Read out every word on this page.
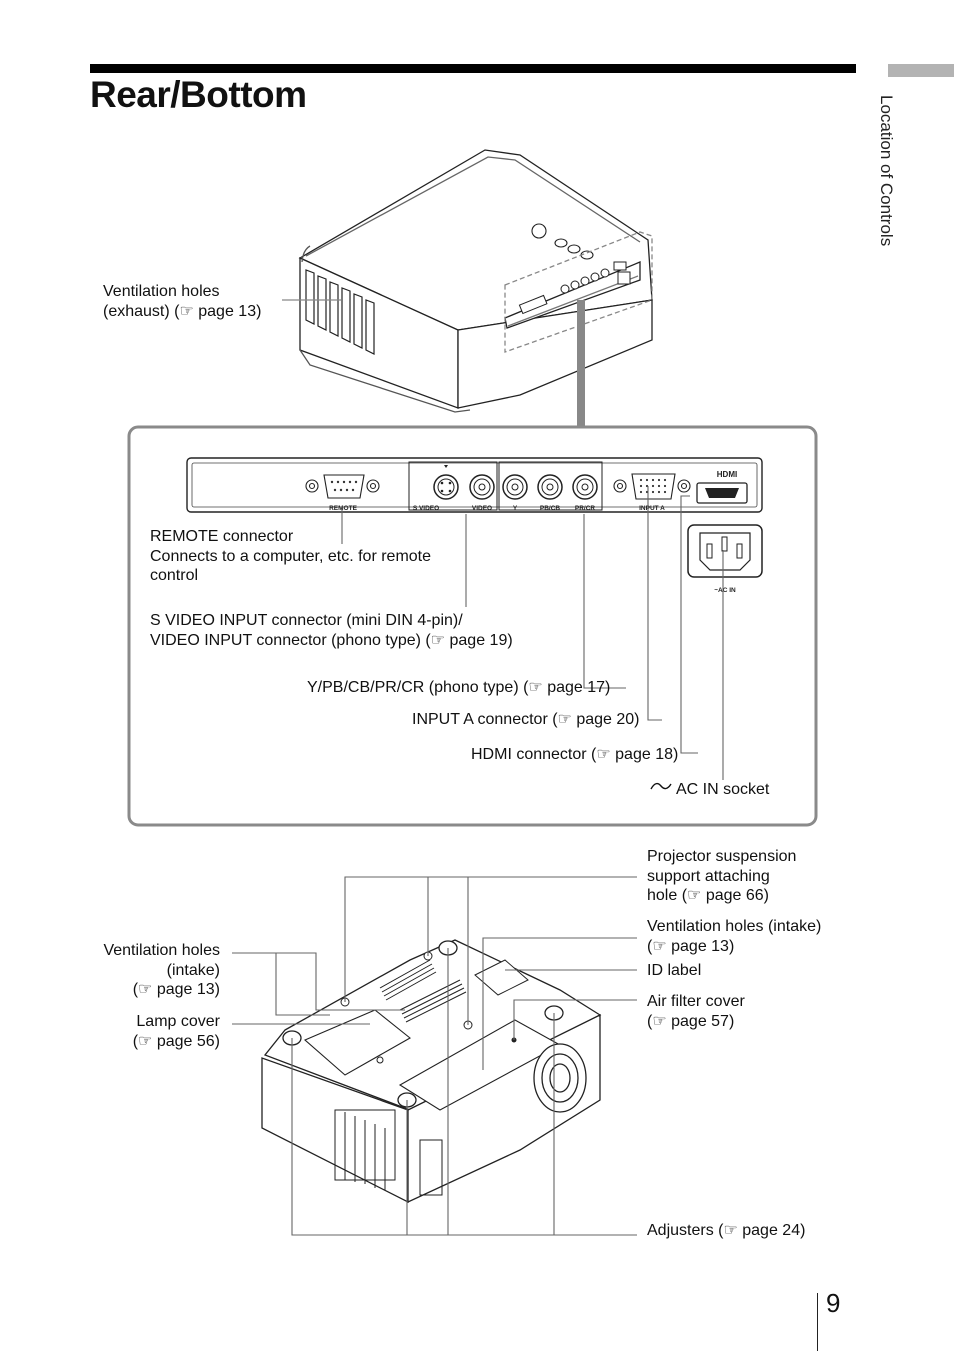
Rear/Bottom
Location of Controls
Ventilation holes
(exhaust) (☞ page 13)
REMOTE	S VIDEO	VIDEO	Y	PB/CB PR/CR	INPUT A
HDMI
~AC IN
REMOTE connector
Connects to a computer, etc. for remote
control
S VIDEO INPUT connector (mini DIN 4-pin)/
VIDEO INPUT connector (phono type) (☞ page 19)
Y/PB/CB/PR/CR (phono type) (☞ page 17)
INPUT A connector (☞ page 20)
HDMI connector (☞ page 18)
AC IN socket
Projector suspension
support attaching
hole (☞ page 66)
Ventilation holes (intake)
(☞ page 13)
ID label
Air filter cover
(☞ page 57)
Adjusters (☞ page 24)
Ventilation holes
(intake)
(☞ page 13)
Lamp cover
(☞ page 56)
9
